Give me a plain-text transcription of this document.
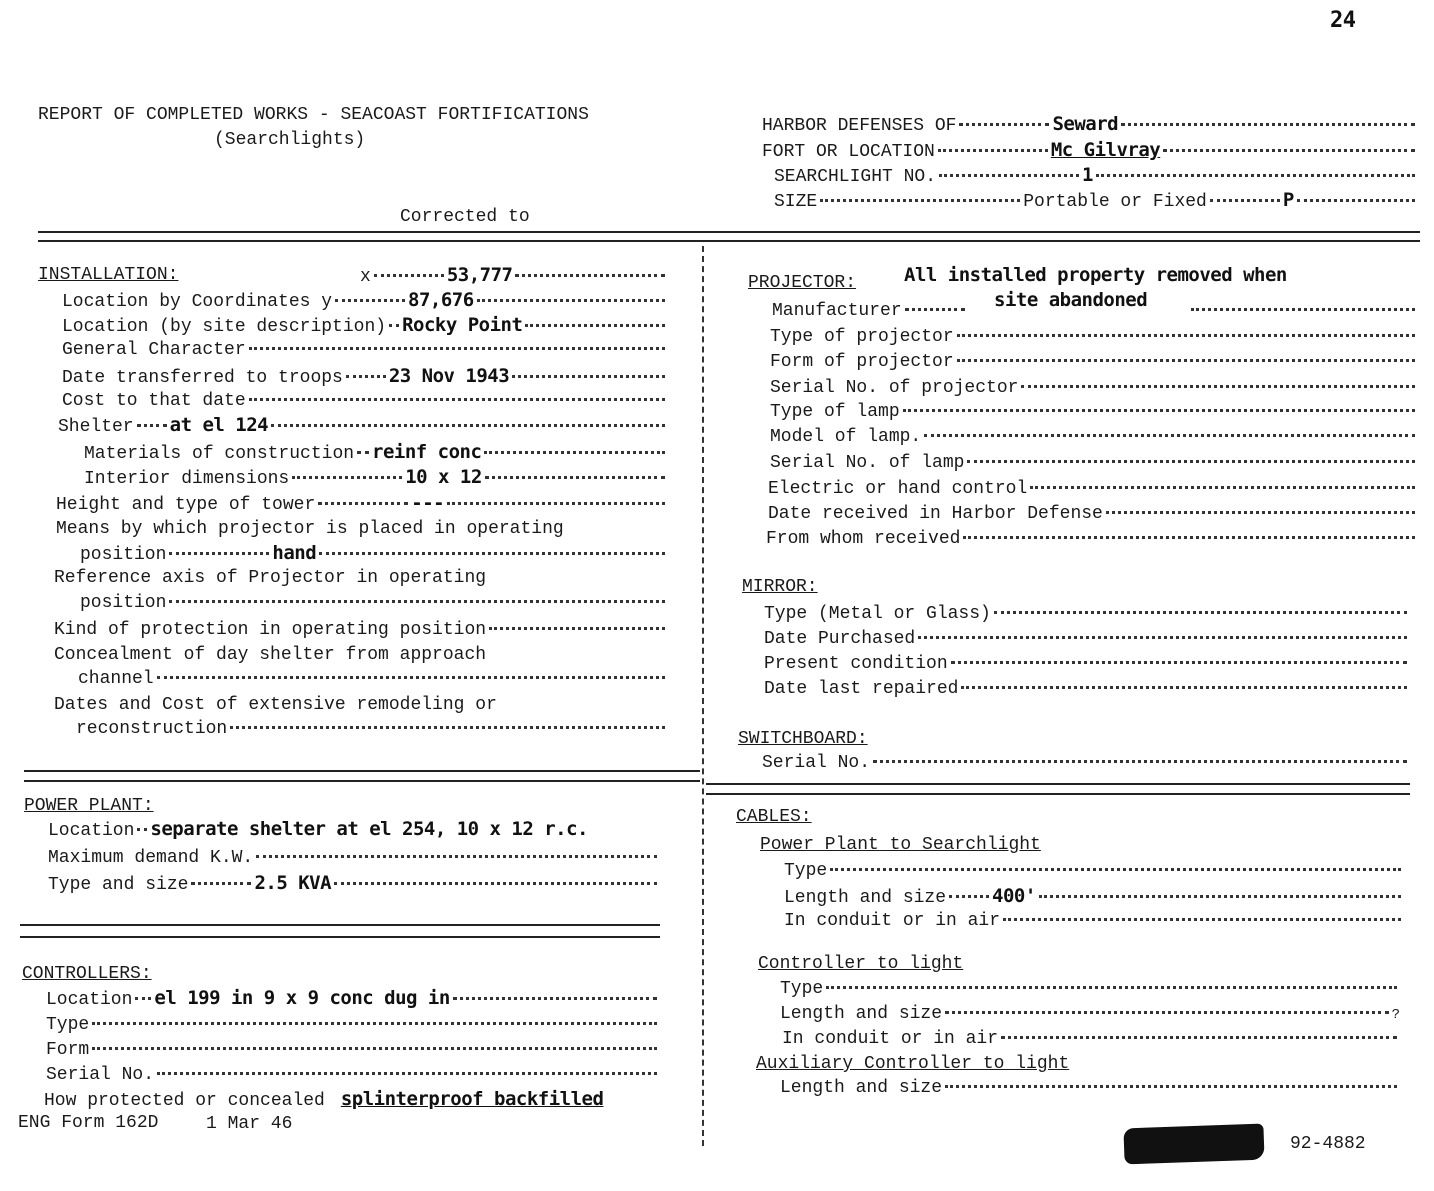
24
REPORT OF COMPLETED WORKS - SEACOAST FORTIFICATIONS
(Searchlights)
Corrected to
HARBOR DEFENSES OF	Seward
FORT OR LOCATION	Mc Gilvray
SEARCHLIGHT NO.	1
SIZE	Portable or Fixed	P
INSTALLATION:	x	53,777
Location by Coordinates y	87,676
Location (by site description) Rocky Point
General Character
Date transferred to troops 23 Nov 1943
Cost to that date
Shelter at el 124
Materials of construction reinf conc
Interior dimensions	10 x 12
Height and type of tower	---
Means by which projector is placed in operating
position	hand
Reference axis of Projector in operating
position
Kind of protection in operating position
Concealment of day shelter from approach
channel
Dates and Cost of extensive remodeling or
reconstruction
POWER PLANT:
Location separate shelter at el 254, 10 x 12 r.c.
Maximum demand K.W.
Type and size	2.5 KVA
CONTROLLERS:
Location el 199 in 9 x 9 conc dug in
Type
Form
Serial No.
How protected or concealed splinterproof backfilled
ENG Form 162D	1 Mar 46
PROJECTOR:	All installed property removed when
site abandoned
Manufacturer
Type of projector
Form of projector
Serial No. of projector
Type of lamp
Model of lamp.
Serial No. of lamp
Electric or hand control
Date received in Harbor Defense
From whom received
MIRROR:
Type (Metal or Glass)
Date Purchased
Present condition
Date last repaired
SWITCHBOARD:
Serial No.
CABLES:
Power Plant to Searchlight
Type
Length and size 400'
In conduit or in air
Controller to light
Type
Length and size	?
In conduit or in air
Auxiliary Controller to light
Length and size
92-4882
